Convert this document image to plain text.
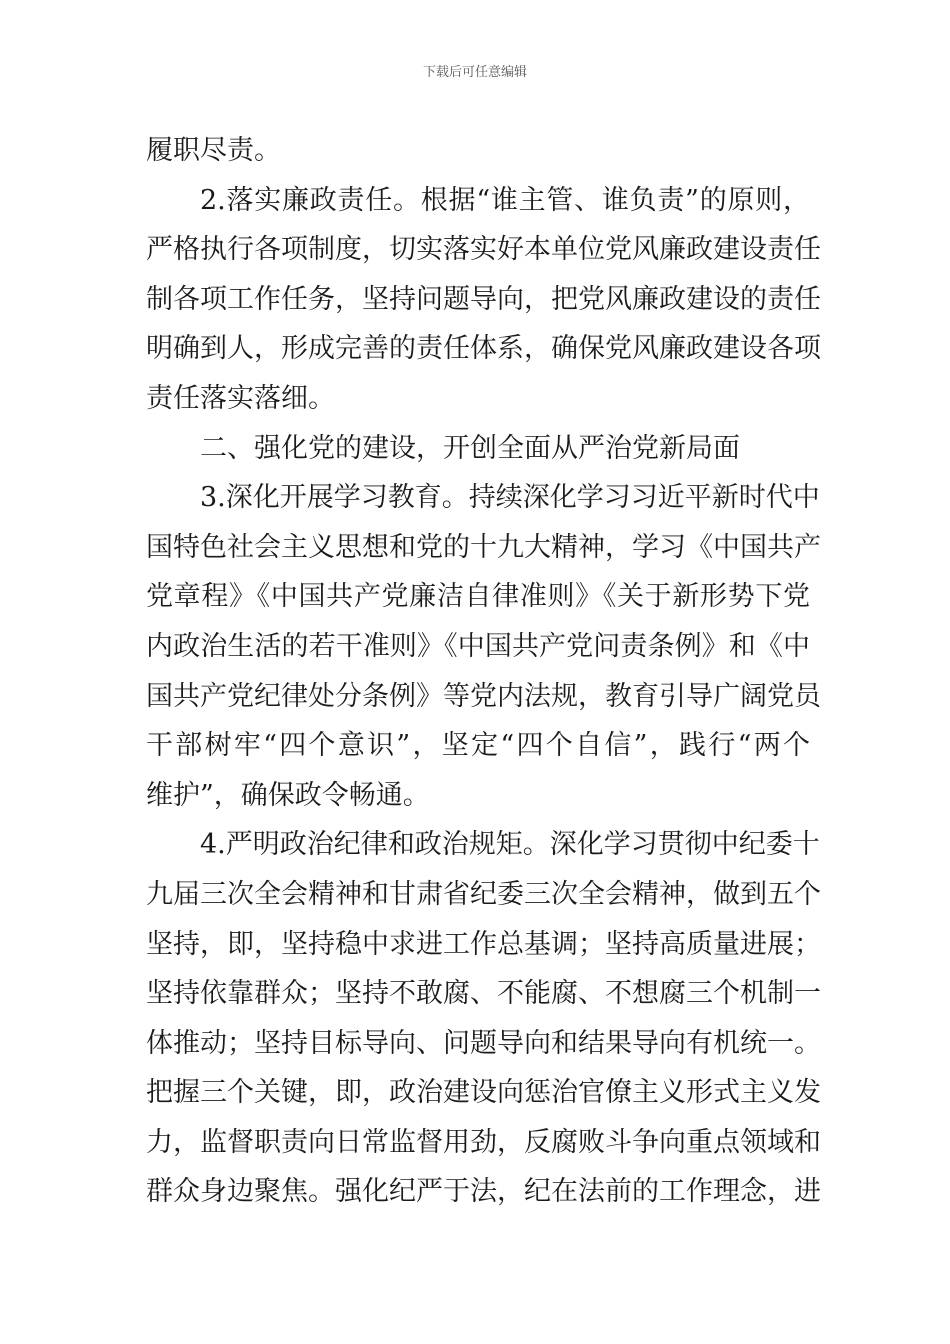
下载后可任意编辑
履职尽责。
2.落实廉政责任。根据“谁主管、谁负责”的原则，
严格执行各项制度，切实落实好本单位党风廉政建设责任
制各项工作任务，坚持问题导向，把党风廉政建设的责任
明确到人，形成完善的责任体系，确保党风廉政建设各项
责任落实落细。
二、强化党的建设，开创全面从严治党新局面
3.深化开展学习教育。持续深化学习习近平新时代中
国特色社会主义思想和党的十九大精神，学习《中国共产
党章程》《中国共产党廉洁自律准则》《关于新形势下党
内政治生活的若干准则》《中国共产党问责条例》和《中
国共产党纪律处分条例》等党内法规，教育引导广阔党员
干部树牢“四个意识”，坚定“四个自信”，践行“两个
维护”，确保政令畅通。
4.严明政治纪律和政治规矩。深化学习贯彻中纪委十
九届三次全会精神和甘肃省纪委三次全会精神，做到五个
坚持，即，坚持稳中求进工作总基调；坚持高质量进展；
坚持依靠群众；坚持不敢腐、不能腐、不想腐三个机制一
体推动；坚持目标导向、问题导向和结果导向有机统一。
把握三个关键，即，政治建设向惩治官僚主义形式主义发
力，监督职责向日常监督用劲，反腐败斗争向重点领域和
群众身边聚焦。强化纪严于法，纪在法前的工作理念，进
